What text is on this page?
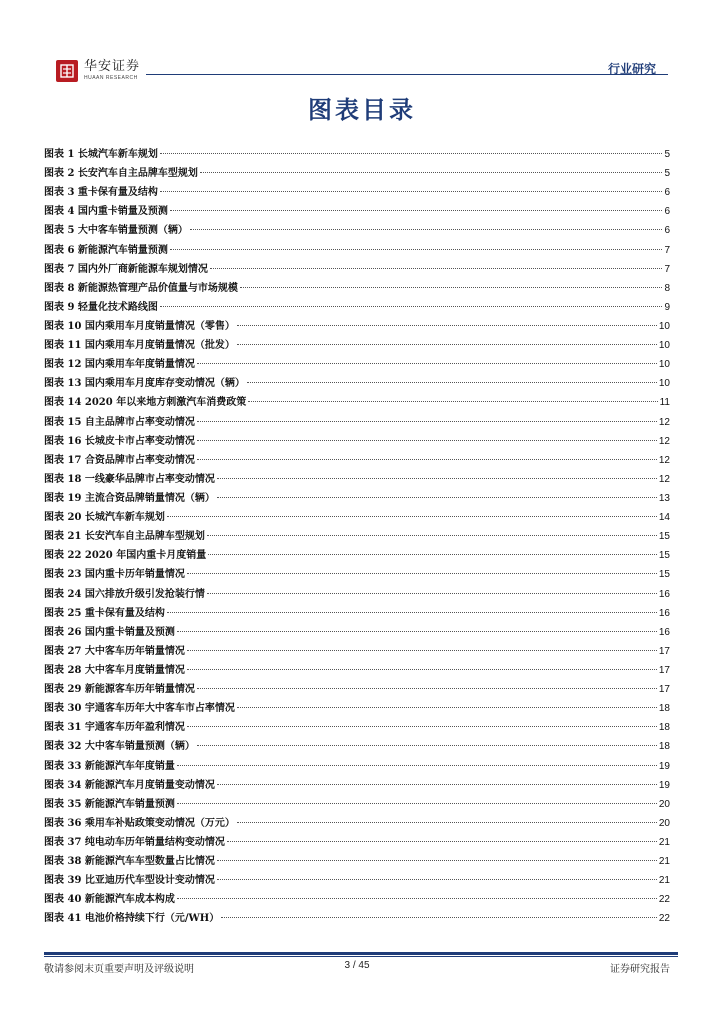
华安证券
HUAAN RESEARCH
行业研究
图表目录
图表 1 长城汽车新车规划	5
图表 2 长安汽车自主品牌车型规划	5
图表 3 重卡保有量及结构	6
图表 4 国内重卡销量及预测	6
图表 5 大中客车销量预测（辆）	6
图表 6 新能源汽车销量预测	7
图表 7 国内外厂商新能源车规划情况	7
图表 8 新能源热管理产品价值量与市场规模	8
图表 9 轻量化技术路线图	9
图表 10 国内乘用车月度销量情况（零售）	10
图表 11 国内乘用车月度销量情况（批发）	10
图表 12 国内乘用车年度销量情况	10
图表 13 国内乘用车月度库存变动情况（辆）	10
图表 14 2020 年以来地方刺激汽车消费政策	11
图表 15 自主品牌市占率变动情况	12
图表 16 长城皮卡市占率变动情况	12
图表 17 合资品牌市占率变动情况	12
图表 18 一线豪华品牌市占率变动情况	12
图表 19 主流合资品牌销量情况（辆）	13
图表 20 长城汽车新车规划	14
图表 21 长安汽车自主品牌车型规划	15
图表 22 2020 年国内重卡月度销量	15
图表 23 国内重卡历年销量情况	15
图表 24 国六排放升级引发抢装行情	16
图表 25 重卡保有量及结构	16
图表 26 国内重卡销量及预测	16
图表 27 大中客车历年销量情况	17
图表 28 大中客车月度销量情况	17
图表 29 新能源客车历年销量情况	17
图表 30 宇通客车历年大中客车市占率情况	18
图表 31 宇通客车历年盈利情况	18
图表 32 大中客车销量预测（辆）	18
图表 33 新能源汽车年度销量	19
图表 34 新能源汽车月度销量变动情况	19
图表 35 新能源汽车销量预测	20
图表 36 乘用车补贴政策变动情况（万元）	20
图表 37 纯电动车历年销量结构变动情况	21
图表 38 新能源汽车车型数量占比情况	21
图表 39 比亚迪历代车型设计变动情况	21
图表 40 新能源汽车成本构成	22
图表 41 电池价格持续下行（元/WH）	22
敬请参阅末页重要声明及评级说明	3 / 45	证券研究报告
